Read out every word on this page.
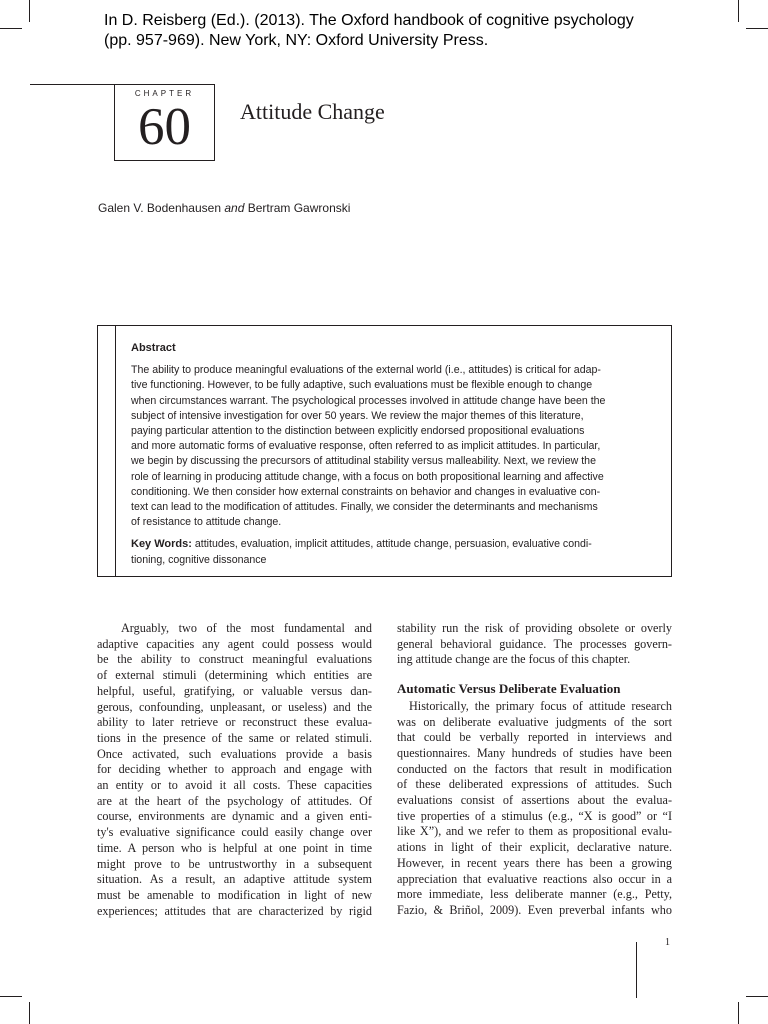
In D. Reisberg (Ed.). (2013). The Oxford handbook of cognitive psychology
(pp. 957-969). New York, NY: Oxford University Press.
CHAPTER
60	Attitude Change
Galen V. Bodenhausen and Bertram Gawronski
Abstract
The ability to produce meaningful evaluations of the external world (i.e., attitudes) is critical for adap-
tive functioning. However, to be fully adaptive, such evaluations must be flexible enough to change
when circumstances warrant. The psychological processes involved in attitude change have been the
subject of intensive investigation for over 50 years. We review the major themes of this literature,
paying particular attention to the distinction between explicitly endorsed propositional evaluations
and more automatic forms of evaluative response, often referred to as implicit attitudes. In particular,
we begin by discussing the precursors of attitudinal stability versus malleability. Next, we review the
role of learning in producing attitude change, with a focus on both propositional learning and affective
conditioning. We then consider how external constraints on behavior and changes in evaluative con-
text can lead to the modification of attitudes. Finally, we consider the determinants and mechanisms
of resistance to attitude change.
Key Words: attitudes, evaluation, implicit attitudes, attitude change, persuasion, evaluative condi-
tioning, cognitive dissonance
Arguably, two of the most fundamental and
adaptive capacities any agent could possess would
be the ability to construct meaningful evaluations
of external stimuli (determining which entities are
helpful, useful, gratifying, or valuable versus dan-
gerous, confounding, unpleasant, or useless) and the
ability to later retrieve or reconstruct these evalua-
tions in the presence of the same or related stimuli.
Once activated, such evaluations provide a basis
for deciding whether to approach and engage with
an entity or to avoid it all costs. These capacities
are at the heart of the psychology of attitudes. Of
course, environments are dynamic and a given enti-
ty's evaluative significance could easily change over
time. A person who is helpful at one point in time
might prove to be untrustworthy in a subsequent
situation. As a result, an adaptive attitude system
must be amenable to modification in light of new
experiences; attitudes that are characterized by rigid
stability run the risk of providing obsolete or overly
general behavioral guidance. The processes govern-
ing attitude change are the focus of this chapter.
Automatic Versus Deliberate Evaluation
Historically, the primary focus of attitude research
was on deliberate evaluative judgments of the sort
that could be verbally reported in interviews and
questionnaires. Many hundreds of studies have been
conducted on the factors that result in modification
of these deliberated expressions of attitudes. Such
evaluations consist of assertions about the evalua-
tive properties of a stimulus (e.g., “X is good” or “I
like X”), and we refer to them as propositional evalu-
ations in light of their explicit, declarative nature.
However, in recent years there has been a growing
appreciation that evaluative reactions also occur in a
more immediate, less deliberate manner (e.g., Petty,
Fazio, & Briñol, 2009). Even preverbal infants who
1
